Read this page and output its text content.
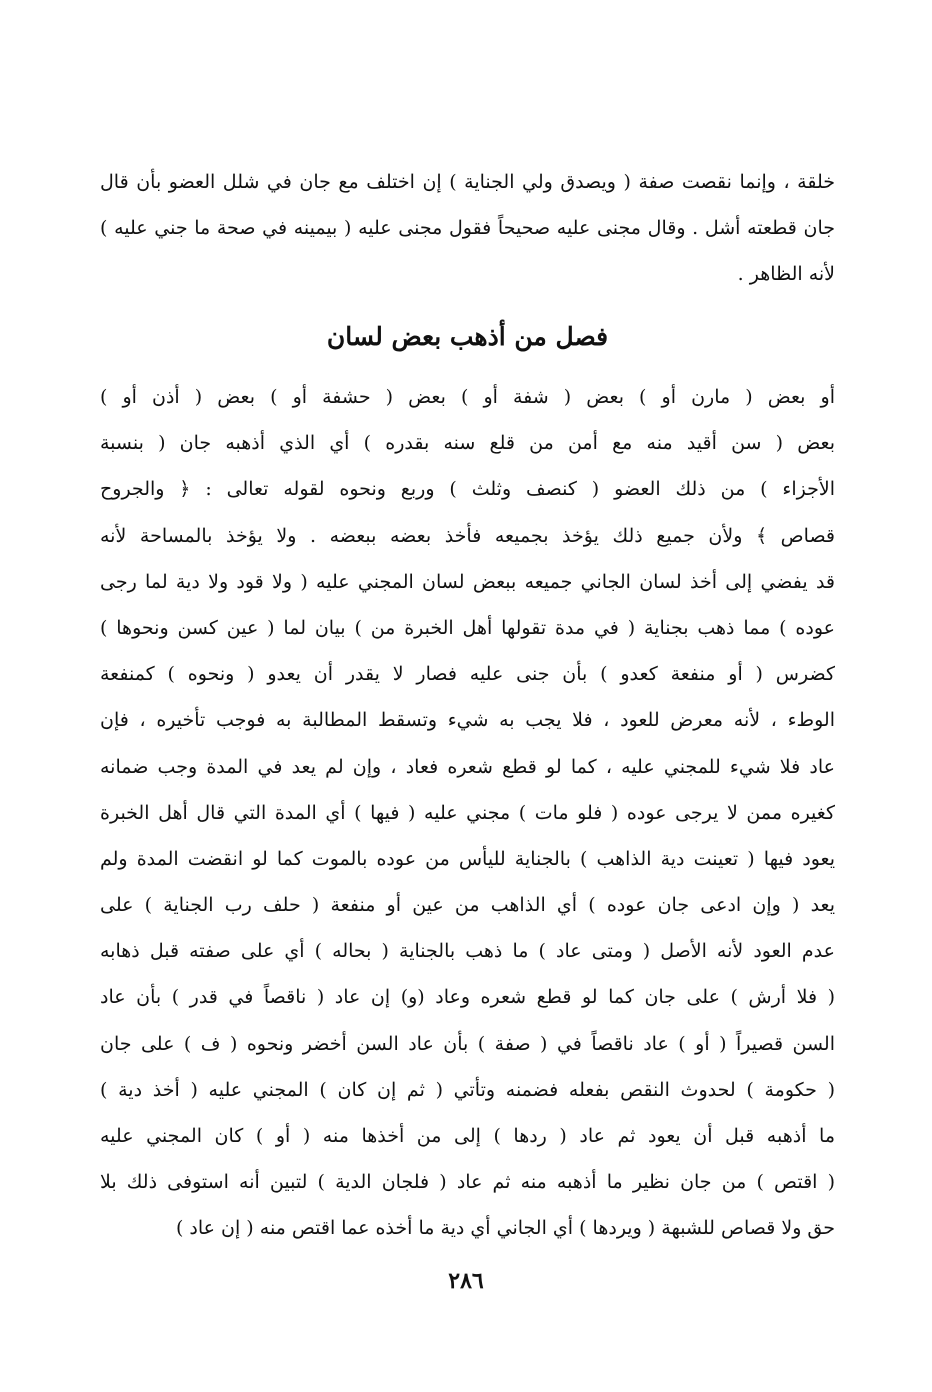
خلقة ، وإنما نقصت صفة ( ويصدق ولي الجناية ) إن اختلف مع جان في شلل العضو بأن قال جان قطعته أشل . وقال مجنى عليه صحيحاً فقول مجنى عليه ( بيمينه في صحة ما جني عليه ) لأنه الظاهر .

فصل من أذهب بعض لسان
أو بعض ( مارن أو ) بعض ( شفة أو ) بعض ( حشفة أو ) بعض ( أذن أو )
بعض ( سن أقيد منه مع أمن من قلع سنه بقدره ) أي الذي أذهبه جان ( بنسبة
الأجزاء ) من ذلك العضو ( كنصف وثلث ) وربع ونحوه لقوله تعالى : ﴿ والجروح
قصاص ﴾ ولأن جميع ذلك يؤخذ بجميعه فأخذ بعضه ببعضه . ولا يؤخذ بالمساحة لأنه
قد يفضي إلى أخذ لسان الجاني جميعه ببعض لسان المجني عليه ( ولا قود ولا دية لما رجى
عوده ) مما ذهب بجناية ( في مدة تقولها أهل الخبرة من ) بيان لما ( عين كسن ونحوها )
كضرس ( أو منفعة كعدو ) بأن جنى عليه فصار لا يقدر أن يعدو ( ونحوه ) كمنفعة
الوطء ، لأنه معرض للعود ، فلا يجب به شيء وتسقط المطالبة به فوجب تأخيره ، فإن
عاد فلا شيء للمجني عليه ، كما لو قطع شعره فعاد ، وإن لم يعد في المدة وجب ضمانه
كغيره ممن لا يرجى عوده ( فلو مات ) مجني عليه ( فيها ) أي المدة التي قال أهل الخبرة
يعود فيها ( تعينت دية الذاهب ) بالجناية لليأس من عوده بالموت كما لو انقضت المدة ولم
يعد ( وإن ادعى جان عوده ) أي الذاهب من عين أو منفعة ( حلف رب الجناية ) على
عدم العود لأنه الأصل ( ومتى عاد ) ما ذهب بالجناية ( بحاله ) أي على صفته قبل ذهابه
( فلا أرش ) على جان كما لو قطع شعره وعاد (و) إن عاد ( ناقصاً في قدر ) بأن عاد
السن قصيراً ( أو ) عاد ناقصاً في ( صفة ) بأن عاد السن أخضر ونحوه ( ف ) على جان
( حكومة ) لحدوث النقص بفعله فضمنه وتأتي ( ثم إن كان ) المجني عليه ( أخذ دية )
ما أذهبه قبل أن يعود ثم عاد ( ردها ) إلى من أخذها منه ( أو ) كان المجني عليه
( اقتص ) من جان نظير ما أذهبه منه ثم عاد ( فلجان الدية ) لتبين أنه استوفى ذلك بلا
حق ولا قصاص للشبهة ( ويردها ) أي الجاني أي دية ما أخذه عما اقتص منه ( إن عاد )
٢٨٦
